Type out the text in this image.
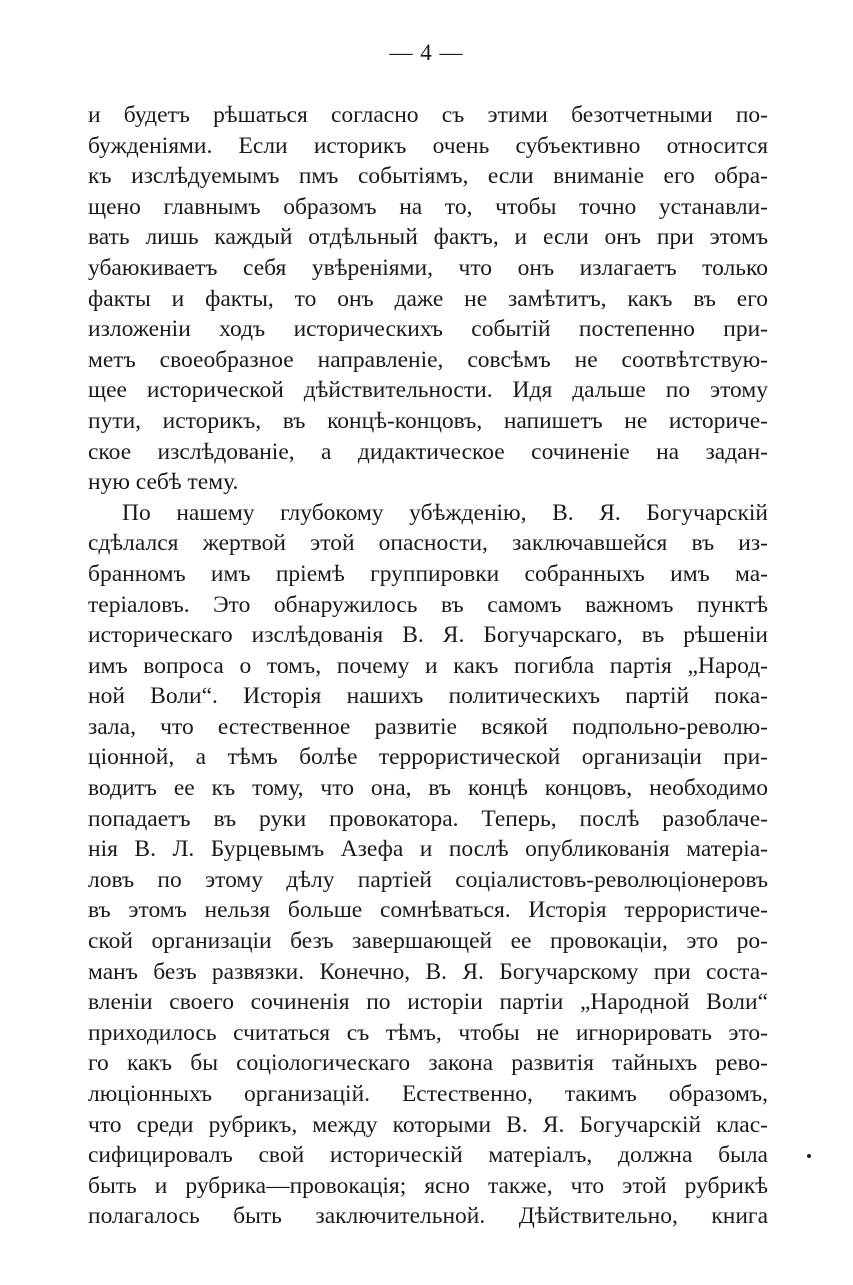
— 4 —
и будетъ рѣшаться согласно съ этими безотчетными по-
бужденіями. Если историкъ очень субъективно относится
къ изслѣдуемымъ пмъ событіямъ, если вниманіе его обра-
щено главнымъ образомъ на то, чтобы точно устанавли-
вать лишь каждый отдѣльный фактъ, и если онъ при этомъ
убаюкиваетъ себя увѣреніями, что онъ излагаетъ только
факты и факты, то онъ даже не замѣтитъ, какъ въ его
изложеніи ходъ историческихъ событій постепенно при-
метъ своеобразное направленіе, совсѣмъ не соотвѣтствую-
щее исторической дѣйствительности. Идя дальше по этому
пути, историкъ, въ концѣ-концовъ, напишетъ не историче-
ское изслѣдованіе, а дидактическое сочиненіе на задан-
ную себѣ тему.
По нашему глубокому убѣжденію, В. Я. Богучарскій
сдѣлался жертвой этой опасности, заключавшейся въ из-
бранномъ имъ пріемѣ группировки собранныхъ имъ ма-
теріаловъ. Это обнаружилось въ самомъ важномъ пунктѣ
историческаго изслѣдованія В. Я. Богучарскаго, въ рѣшеніи
имъ вопроса о томъ, почему и какъ погибла партія „Народ-
ной Воли“. Исторія нашихъ политическихъ партій пока-
зала, что естественное развитіе всякой подпольно-револю-
ціонной, а тѣмъ болѣе террористической организаціи при-
водитъ ее къ тому, что она, въ концѣ концовъ, необходимо
попадаетъ въ руки провокатора. Теперь, послѣ разоблаче-
нія В. Л. Бурцевымъ Азефа и послѣ опубликованія матеріа-
ловъ по этому дѣлу партіей соціалистовъ-революціонеровъ
въ этомъ нельзя больше сомнѣваться. Исторія террористиче-
ской организаціи безъ завершающей ее провокаціи, это ро-
манъ безъ развязки. Конечно, В. Я. Богучарскому при соста-
вленіи своего сочиненія по исторіи партіи „Народной Воли“
приходилось считаться съ тѣмъ, чтобы не игнорировать это-
го какъ бы соціологическаго закона развитія тайныхъ рево-
люціонныхъ организацій. Естественно, такимъ образомъ,
что среди рубрикъ, между которыми В. Я. Богучарскій клас-
сифицировалъ свой историческій матеріалъ, должна была
быть и рубрика—провокація; ясно также, что этой рубрикѣ
полагалось быть заключительной. Дѣйствительно, книга
